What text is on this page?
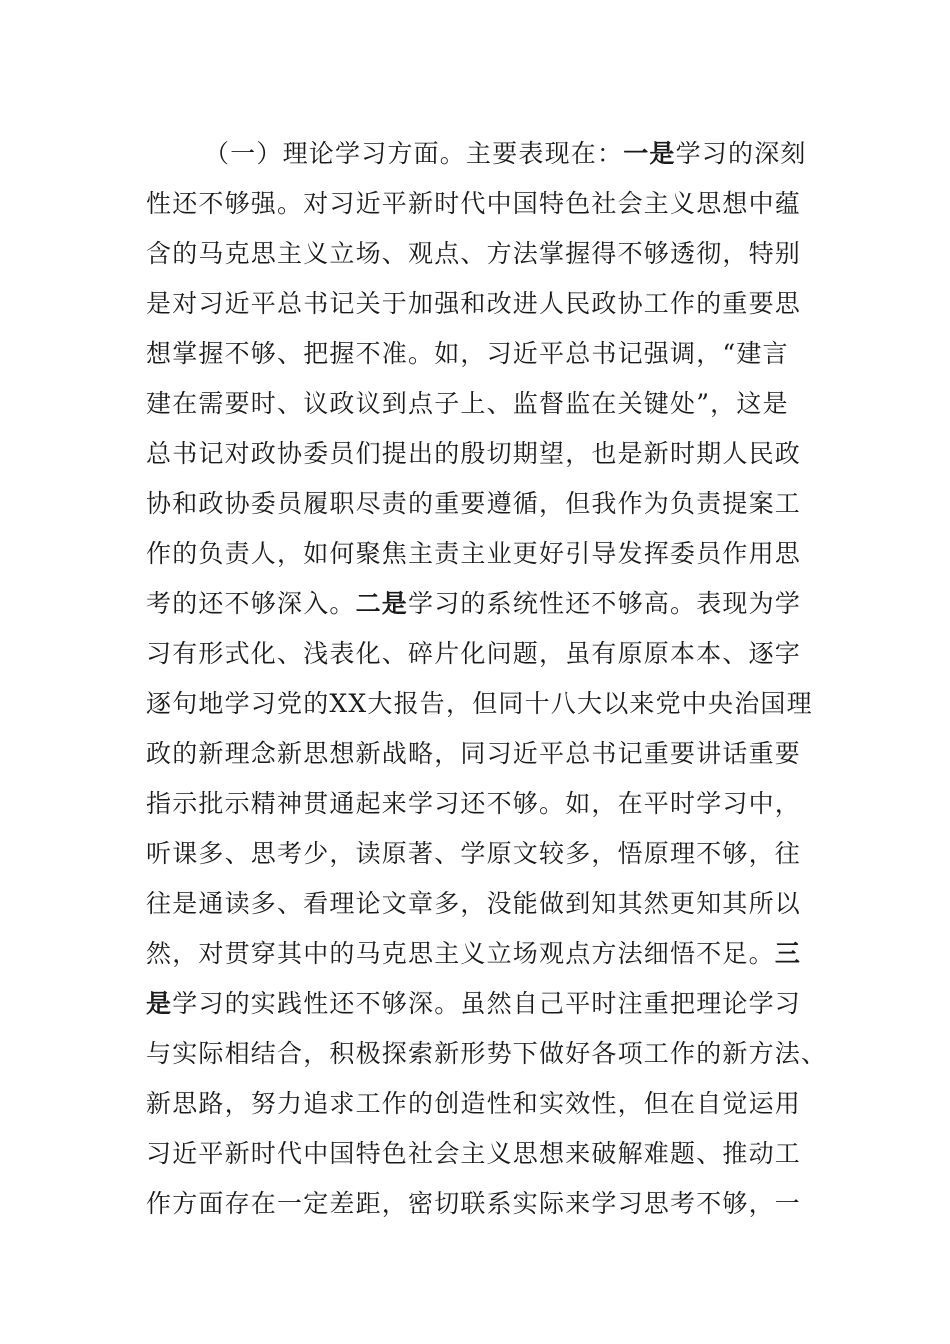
（一）理论学习方面。主要表现在：一是学习的深刻
性还不够强。对习近平新时代中国特色社会主义思想中蕴
含的马克思主义立场、观点、方法掌握得不够透彻，特别
是对习近平总书记关于加强和改进人民政协工作的重要思
想掌握不够、把握不准。如，习近平总书记强调，“建言
建在需要时、议政议到点子上、监督监在关键处”，这是
总书记对政协委员们提出的殷切期望，也是新时期人民政
协和政协委员履职尽责的重要遵循，但我作为负责提案工
作的负责人，如何聚焦主责主业更好引导发挥委员作用思
考的还不够深入。二是学习的系统性还不够高。表现为学
习有形式化、浅表化、碎片化问题，虽有原原本本、逐字
逐句地学习党的XX大报告，但同十八大以来党中央治国理
政的新理念新思想新战略，同习近平总书记重要讲话重要
指示批示精神贯通起来学习还不够。如，在平时学习中，
听课多、思考少，读原著、学原文较多，悟原理不够，往
往是通读多、看理论文章多，没能做到知其然更知其所以
然，对贯穿其中的马克思主义立场观点方法细悟不足。三
是学习的实践性还不够深。虽然自己平时注重把理论学习
与实际相结合，积极探索新形势下做好各项工作的新方法、
新思路，努力追求工作的创造性和实效性，但在自觉运用
习近平新时代中国特色社会主义思想来破解难题、推动工
作方面存在一定差距，密切联系实际来学习思考不够，一
